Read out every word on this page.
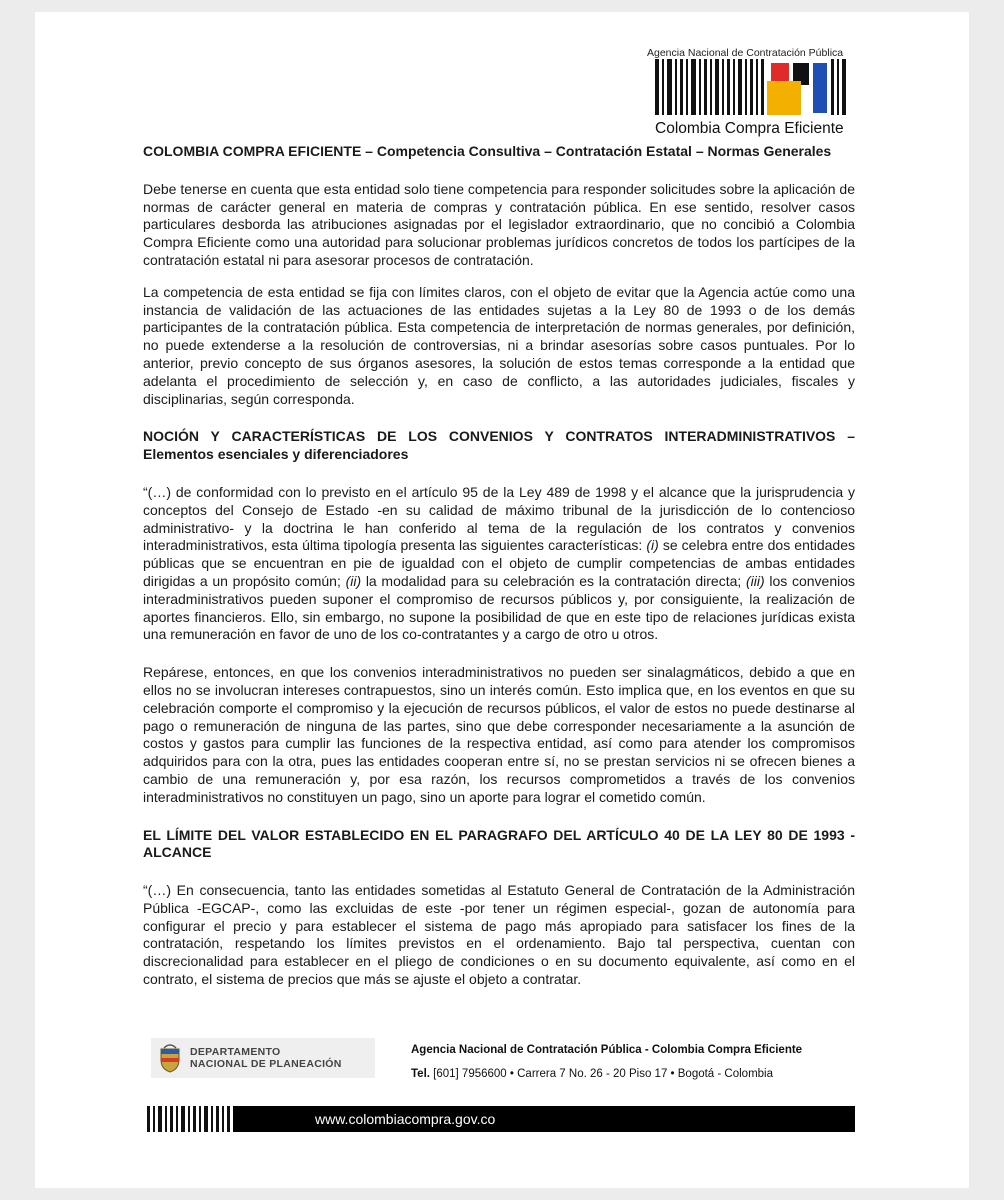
Agencia Nacional de Contratación Pública
Colombia Compra Eficiente
COLOMBIA COMPRA EFICIENTE – Competencia Consultiva – Contratación Estatal – Normas Generales

Debe tenerse en cuenta que esta entidad solo tiene competencia para responder solicitudes sobre la aplicación de normas de carácter general en materia de compras y contratación pública. En ese sentido, resolver casos particulares desborda las atribuciones asignadas por el legislador extraordinario, que no concibió a Colombia Compra Eficiente como una autoridad para solucionar problemas jurídicos concretos de todos los partícipes de la contratación estatal ni para asesorar procesos de contratación.

La competencia de esta entidad se fija con límites claros, con el objeto de evitar que la Agencia actúe como una instancia de validación de las actuaciones de las entidades sujetas a la Ley 80 de 1993 o de los demás participantes de la contratación pública. Esta competencia de interpretación de normas generales, por definición, no puede extenderse a la resolución de controversias, ni a brindar asesorías sobre casos puntuales. Por lo anterior, previo concepto de sus órganos asesores, la solución de estos temas corresponde a la entidad que adelanta el procedimiento de selección y, en caso de conflicto, a las autoridades judiciales, fiscales y disciplinarias, según corresponda.

NOCIÓN Y CARACTERÍSTICAS DE LOS CONVENIOS Y CONTRATOS INTERADMINISTRATIVOS – Elementos esenciales y diferenciadores

“(…) de conformidad con lo previsto en el artículo 95 de la Ley 489 de 1998 y el alcance que la jurisprudencia y conceptos del Consejo de Estado -en su calidad de máximo tribunal de la jurisdicción de lo contencioso administrativo- y la doctrina le han conferido al tema de la regulación de los contratos y convenios interadministrativos, esta última tipología presenta las siguientes características: (i) se celebra entre dos entidades públicas que se encuentran en pie de igualdad con el objeto de cumplir competencias de ambas entidades dirigidas a un propósito común; (ii) la modalidad para su celebración es la contratación directa; (iii) los convenios interadministrativos pueden suponer el compromiso de recursos públicos y, por consiguiente, la realización de aportes financieros. Ello, sin embargo, no supone la posibilidad de que en este tipo de relaciones jurídicas exista una remuneración en favor de uno de los co-contratantes y a cargo de otro u otros.

Repárese, entonces, en que los convenios interadministrativos no pueden ser sinalagmáticos, debido a que en ellos no se involucran intereses contrapuestos, sino un interés común. Esto implica que, en los eventos en que su celebración comporte el compromiso y la ejecución de recursos públicos, el valor de estos no puede destinarse al pago o remuneración de ninguna de las partes, sino que debe corresponder necesariamente a la asunción de costos y gastos para cumplir las funciones de la respectiva entidad, así como para atender los compromisos adquiridos para con la otra, pues las entidades cooperan entre sí, no se prestan servicios ni se ofrecen bienes a cambio de una remuneración y, por esa razón, los recursos comprometidos a través de los convenios interadministrativos no constituyen un pago, sino un aporte para lograr el cometido común.

EL LÍMITE DEL VALOR ESTABLECIDO EN EL PARAGRAFO DEL ARTÍCULO 40 DE LA LEY 80 DE 1993 - ALCANCE

“(…) En consecuencia, tanto las entidades sometidas al Estatuto General de Contratación de la Administración Pública -EGCAP-, como las excluidas de este -por tener un régimen especial-, gozan de autonomía para configurar el precio y para establecer el sistema de pago más apropiado para satisfacer los fines de la contratación, respetando los límites previstos en el ordenamiento. Bajo tal perspectiva, cuentan con discrecionalidad para establecer en el pliego de condiciones o en su documento equivalente, así como en el contrato, el sistema de precios que más se ajuste el objeto a contratar.

DEPARTAMENTO
NACIONAL DE PLANEACIÓN
Agencia Nacional de Contratación Pública - Colombia Compra Eficiente
Tel. [601] 7956600 • Carrera 7 No. 26 - 20 Piso 17 • Bogotá - Colombia
www.colombiacompra.gov.co
